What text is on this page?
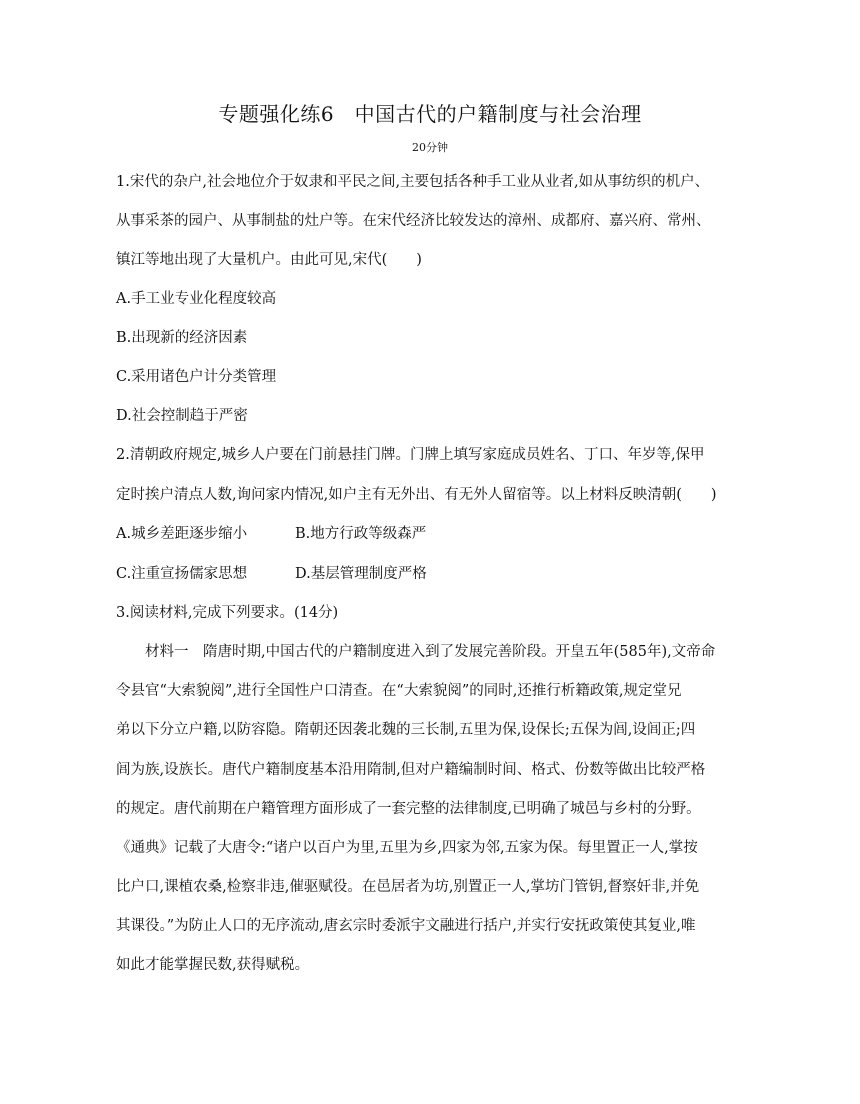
专题强化练6　中国古代的户籍制度与社会治理
20分钟
1.宋代的杂户,社会地位介于奴隶和平民之间,主要包括各种手工业从业者,如从事纺织的机户、
从事采茶的园户、从事制盐的灶户等。在宋代经济比较发达的漳州、成都府、嘉兴府、常州、
镇江等地出现了大量机户。由此可见,宋代(　　)
A.手工业专业化程度较高
B.出现新的经济因素
C.采用诸色户计分类管理
D.社会控制趋于严密
2.清朝政府规定,城乡人户要在门前悬挂门牌。门牌上填写家庭成员姓名、丁口、年岁等,保甲
定时挨户清点人数,询问家内情况,如户主有无外出、有无外人留宿等。以上材料反映清朝(　　)
A.城乡差距逐步缩小	B.地方行政等级森严
C.注重宣扬儒家思想	D.基层管理制度严格
3.阅读材料,完成下列要求。(14分)
材料一　隋唐时期,中国古代的户籍制度进入到了发展完善阶段。开皇五年(585年),文帝命
令县官“大索貌阅”,进行全国性户口清查。在“大索貌阅”的同时,还推行析籍政策,规定堂兄
弟以下分立户籍,以防容隐。隋朝还因袭北魏的三长制,五里为保,设保长;五保为闾,设闾正;四
闾为族,设族长。唐代户籍制度基本沿用隋制,但对户籍编制时间、格式、份数等做出比较严格
的规定。唐代前期在户籍管理方面形成了一套完整的法律制度,已明确了城邑与乡村的分野。
《通典》记载了大唐令:“诸户以百户为里,五里为乡,四家为邻,五家为保。每里置正一人,掌按
比户口,课植农桑,检察非违,催驱赋役。在邑居者为坊,别置正一人,掌坊门管钥,督察奸非,并免
其课役。”为防止人口的无序流动,唐玄宗时委派宇文融进行括户,并实行安抚政策使其复业,唯
如此才能掌握民数,获得赋税。
